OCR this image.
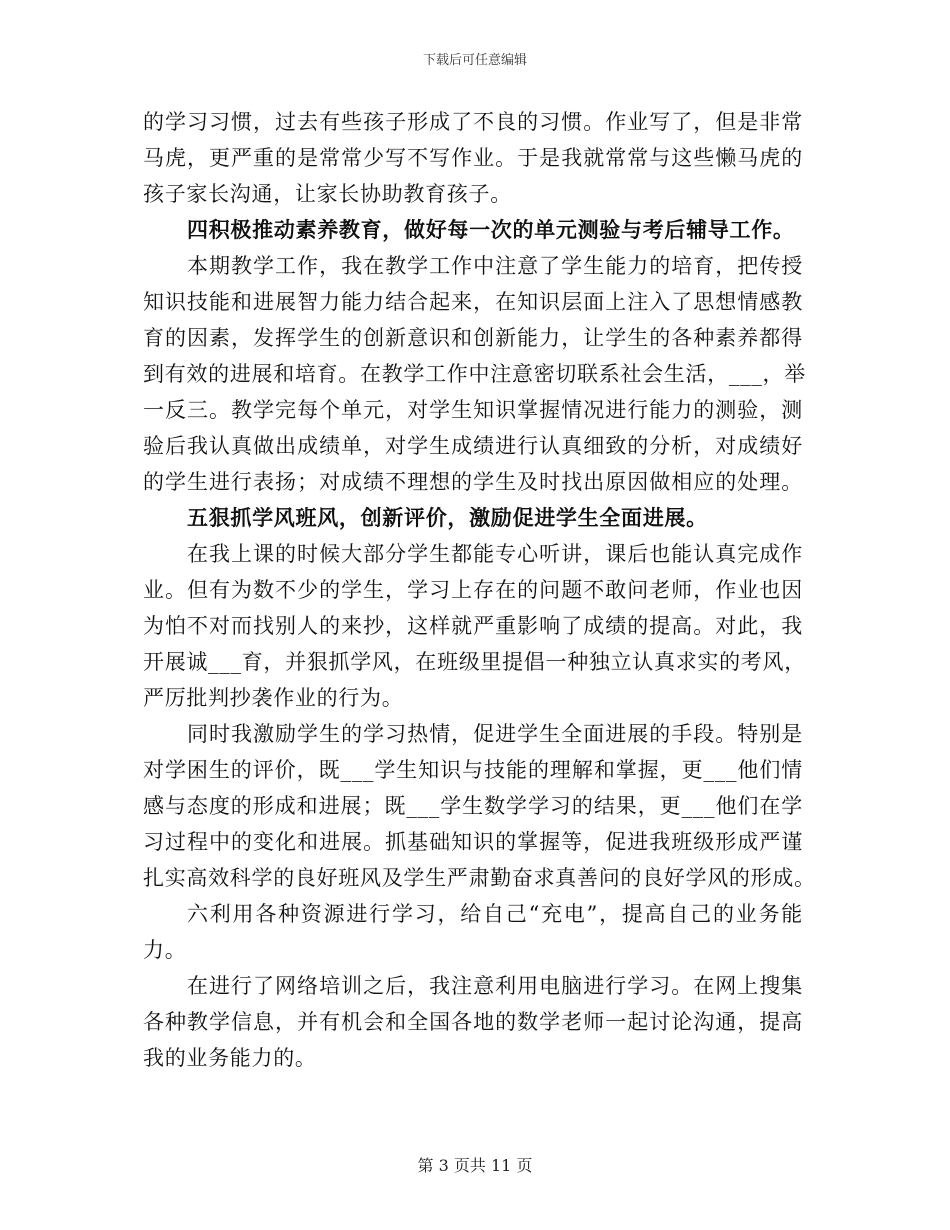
下载后可任意编辑
的学习习惯，过去有些孩子形成了不良的习惯。作业写了，但是非常
马虎，更严重的是常常少写不写作业。于是我就常常与这些懒马虎的
孩子家长沟通，让家长协助教育孩子。
四积极推动素养教育，做好每一次的单元测验与考后辅导工作。
本期教学工作，我在教学工作中注意了学生能力的培育，把传授
知识技能和进展智力能力结合起来，在知识层面上注入了思想情感教
育的因素，发挥学生的创新意识和创新能力，让学生的各种素养都得
到有效的进展和培育。在教学工作中注意密切联系社会生活，___，举
一反三。教学完每个单元，对学生知识掌握情况进行能力的测验，测
验后我认真做出成绩单，对学生成绩进行认真细致的分析，对成绩好
的学生进行表扬；对成绩不理想的学生及时找出原因做相应的处理。
五狠抓学风班风，创新评价，激励促进学生全面进展。
在我上课的时候大部分学生都能专心听讲，课后也能认真完成作
业。但有为数不少的学生，学习上存在的问题不敢问老师，作业也因
为怕不对而找别人的来抄，这样就严重影响了成绩的提高。对此，我
开展诚___育，并狠抓学风，在班级里提倡一种独立认真求实的考风，
严厉批判抄袭作业的行为。
同时我激励学生的学习热情，促进学生全面进展的手段。特别是
对学困生的评价，既___学生知识与技能的理解和掌握，更___他们情
感与态度的形成和进展；既___学生数学学习的结果，更___他们在学
习过程中的变化和进展。抓基础知识的掌握等，促进我班级形成严谨
扎实高效科学的良好班风及学生严肃勤奋求真善问的良好学风的形成。
六利用各种资源进行学习，给自己“充电”，提高自己的业务能
力。
在进行了网络培训之后，我注意利用电脑进行学习。在网上搜集
各种教学信息，并有机会和全国各地的数学老师一起讨论沟通，提高
我的业务能力的。
第 3 页共 11 页
